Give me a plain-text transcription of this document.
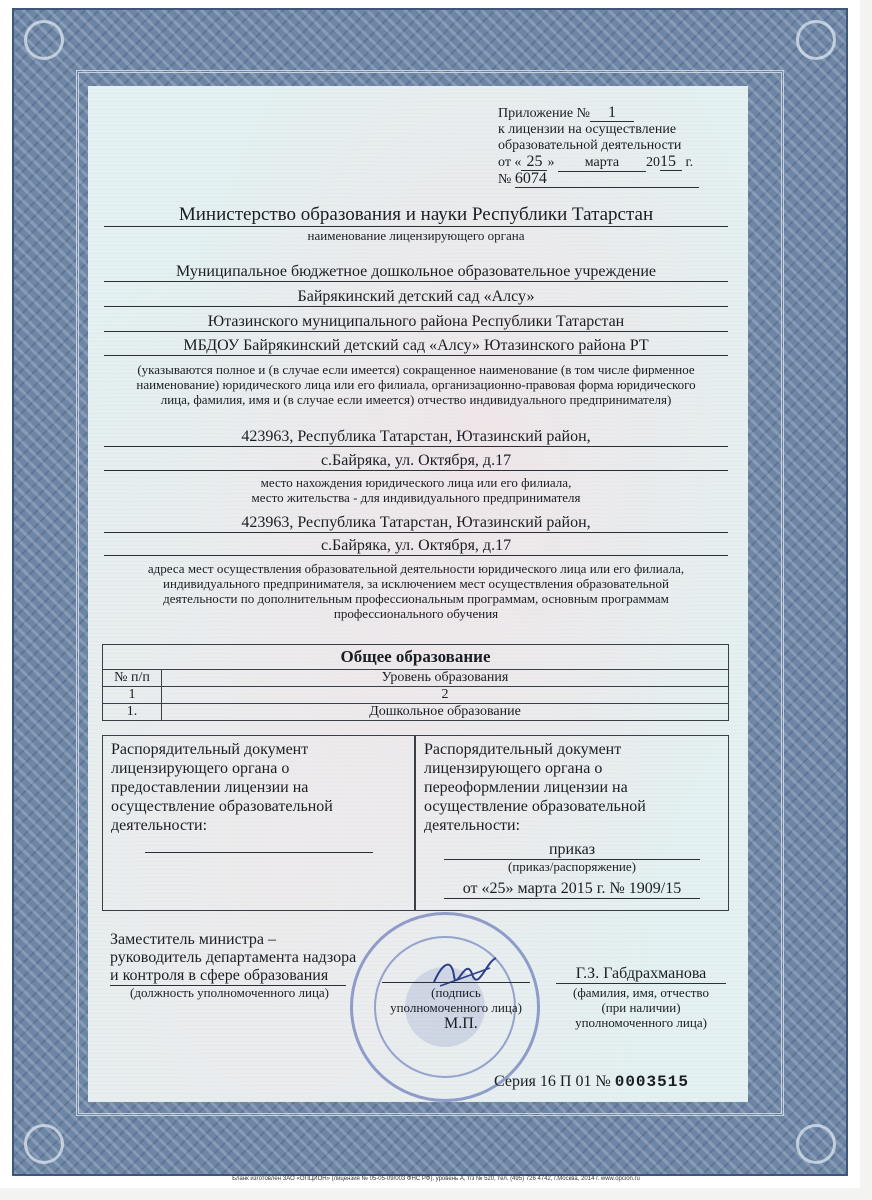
Приложение № 1
к лицензии на осуществление
образовательной деятельности
от « 25 » марта 2015 г.
№ 6074
Министерство образования и науки Республики Татарстан
наименование лицензирующего органа
Муниципальное бюджетное дошкольное образовательное учреждение
Байрякинский детский сад «Алсу»
Ютазинского муниципального района Республики Татарстан
МБДОУ Байрякинский детский сад «Алсу» Ютазинского района РТ
(указываются полное и (в случае если имеется) сокращенное наименование (в том числе фирменное
наименование) юридического лица или его филиала, организационно-правовая форма юридического
лица, фамилия, имя и (в случае если имеется) отчество индивидуального предпринимателя)
423963, Республика Татарстан, Ютазинский район,
с.Байряка, ул. Октября, д.17
место нахождения юридического лица или его филиала,
место жительства - для индивидуального предпринимателя
423963, Республика Татарстан, Ютазинский район,
с.Байряка, ул. Октября, д.17
адреса мест осуществления образовательной деятельности юридического лица или его филиала,
индивидуального предпринимателя, за исключением мест осуществления образовательной
деятельности по дополнительным профессиональным программам, основным программам
профессионального обучения
Общее образование	
№ п/п	Уровень образования
1	2
1.	Дошкольное образование
Распорядительный документ
лицензирующего органа о
предоставлении лицензии на
осуществление образовательной
деятельности:
Распорядительный документ
лицензирующего органа о
переоформлении лицензии на
осуществление образовательной
деятельности:
приказ
(приказ/распоряжение)
от «25» марта 2015 г. № 1909/15
Заместитель министра –
руководитель департамента надзора
и контроля в сфере образования
(должность уполномоченного лица)	(подпись
уполномоченного лица)
М.П.
Г.З. Габдрахманова
(фамилия, имя, отчество
(при наличии)
уполномоченного лица)
Серия 16 П 01 № 0003515
Бланк изготовлен ЗАО «ОПЦИОН» (лицензия № 05-05-09/003 ФНС РФ), уровень А, т/з № 520, тел. (495) 726 4742, г.Москва, 2014 г. www.opcion.ru
